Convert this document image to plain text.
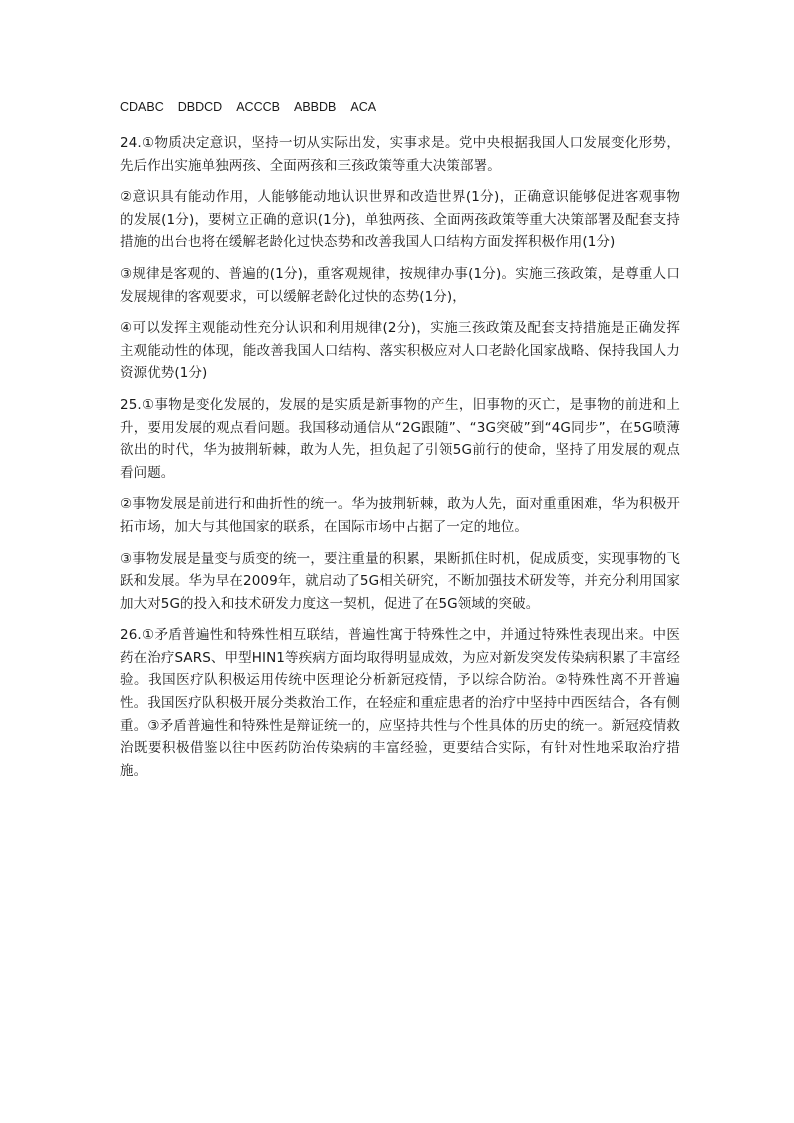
CDABC DBDCD ACCCB ABBDB ACA

24.①物质决定意识，坚持一切从实际出发，实事求是。党中央根据我国人口发展变化形势，先后作出实施单独两孩、全面两孩和三孩政策等重大决策部署。

②意识具有能动作用，人能够能动地认识世界和改造世界(1分)，正确意识能够促进客观事物的发展(1分)，要树立正确的意识(1分)，单独两孩、全面两孩政策等重大决策部署及配套支持措施的出台也将在缓解老龄化过快态势和改善我国人口结构方面发挥积极作用(1分)

③规律是客观的、普遍的(1分)，重客观规律，按规律办事(1分)。实施三孩政策，是尊重人口发展规律的客观要求，可以缓解老龄化过快的态势(1分)，

④可以发挥主观能动性充分认识和利用规律(2分)，实施三孩政策及配套支持措施是正确发挥主观能动性的体现，能改善我国人口结构、落实积极应对人口老龄化国家战略、保持我国人力资源优势(1分)

25.①事物是变化发展的，发展的是实质是新事物的产生，旧事物的灭亡，是事物的前进和上升，要用发展的观点看问题。我国移动通信从“2G跟随”、“3G突破”到“4G同步”，在5G喷薄欲出的时代，华为披荆斩棘，敢为人先，担负起了引领5G前行的使命，坚持了用发展的观点看问题。

②事物发展是前进行和曲折性的统一。华为披荆斩棘，敢为人先，面对重重困难，华为积极开拓市场，加大与其他国家的联系，在国际市场中占据了一定的地位。

③事物发展是量变与质变的统一，要注重量的积累，果断抓住时机，促成质变，实现事物的飞跃和发展。华为早在2009年，就启动了5G相关研究，不断加强技术研发等，并充分利用国家加大对5G的投入和技术研发力度这一契机，促进了在5G领域的突破。

26.①矛盾普遍性和特殊性相互联结，普遍性寓于特殊性之中，并通过特殊性表现出来。中医药在治疗SARS、甲型HIN1等疾病方面均取得明显成效，为应对新发突发传染病积累了丰富经验。我国医疗队积极运用传统中医理论分析新冠疫情，予以综合防治。②特殊性离不开普遍性。我国医疗队积极开展分类救治工作，在轻症和重症患者的治疗中坚持中西医结合，各有侧重。③矛盾普遍性和特殊性是辩证统一的，应坚持共性与个性具体的历史的统一。新冠疫情救治既要积极借鉴以往中医药防治传染病的丰富经验，更要结合实际，有针对性地采取治疗措施。
